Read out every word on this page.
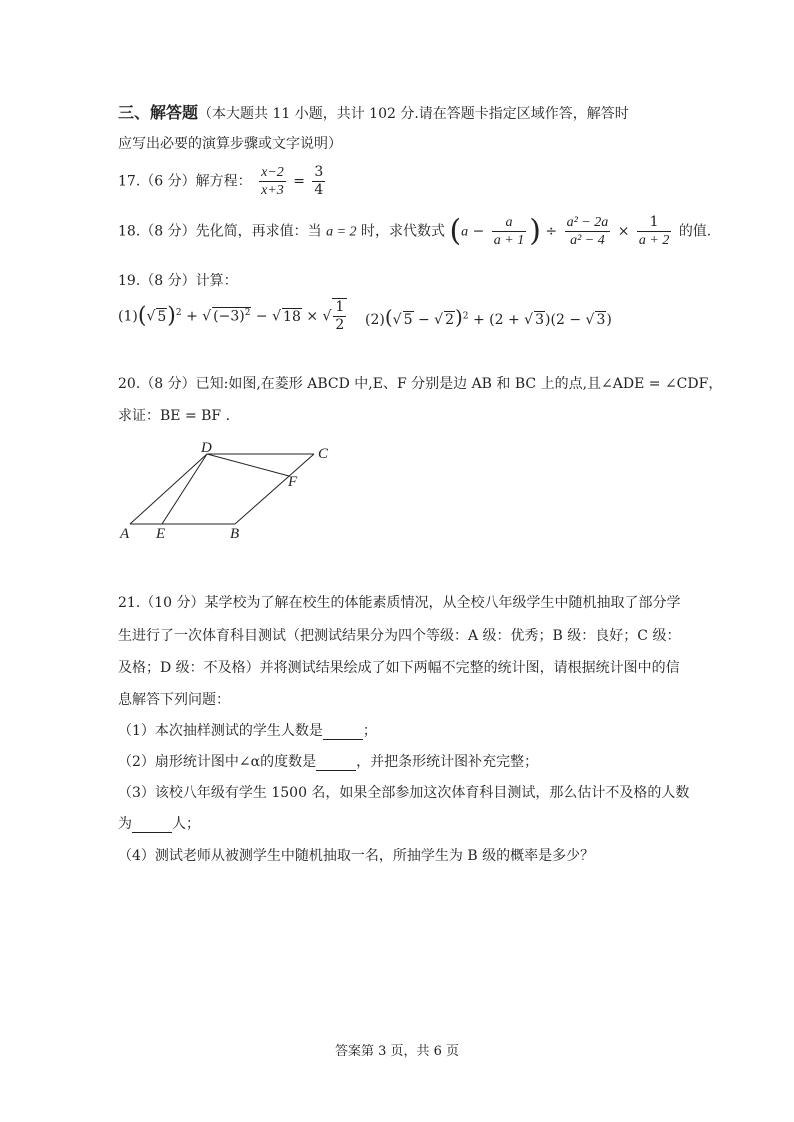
三、解答题（本大题共 11 小题，共计 102 分.请在答题卡指定区域作答，解答时
应写出必要的演算步骤或文字说明）
17.（6 分）解方程： $\frac{x-2}{x+3} = \frac{3}{4}$
18.（8 分）先化简，再求值：当 a = 2 时，求代数式 ($a - \frac{a}{a + 1}$ ) ÷ $\frac{\text{a² − 2a}}{\text{a² − 4}} \times \frac{1}{a + 2}$ 的值.
19.（8 分）计算：
(1)(√ 5)$^2$ + √ $(-3)^2$ − √ 18 × √ $\frac{1}{2} (2)(√$ 5 − √ 2)$^2$ + (2 + √ 3)(2 − √ 3)
20.（8 分）已知:如图,在菱形 ABCD 中,E、F 分别是边 AB 和 BC 上的点,且∠ADE = ∠CDF，
求证：BE = BF .
D	C
F
A E	B
21.（10 分）某学校为了解在校生的体能素质情况，从全校八年级学生中随机抽取了部分学
生进行了一次体育科目测试（把测试结果分为四个等级：A 级：优秀；B 级：良好；C 级：
及格；D 级：不及格）并将测试结果绘成了如下两幅不完整的统计图，请根据统计图中的信
息解答下列问题：
（1）本次抽样测试的学生人数是	；
（2）扇形统计图中∠α的度数是	，并把条形统计图补充完整；
（3）该校八年级有学生 1500 名，如果全部参加这次体育科目测试，那么估计不及格的人数
为	人；
（4）测试老师从被测学生中随机抽取一名，所抽学生为 B 级的概率是多少？
答案第 3 页，共 6 页
